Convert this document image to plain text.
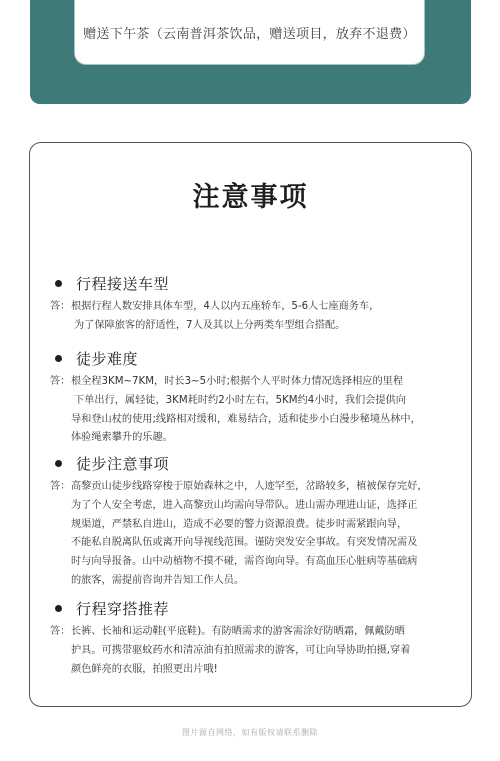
赠送下午茶（云南普洱茶饮品，赠送项目，放弃不退费）
注意事项
行程接送车型
答： 根据行程人数安排具体车型，4人以内五座轿车，5-6人七座商务车，
为了保障旅客的舒适性，7人及其以上分两类车型组合搭配。
徒步难度
答： 根全程3KM~7KM，时长3~5小时;根据个人平时体力情况选择相应的里程
下单出行，属轻徒，3KM耗时约2小时左右，5KM约4小时，我们会提供向
导和登山杖的使用;线路相对缓和，难易结合，适和徒步小白漫步秘境丛林中，
体验绳索攀升的乐趣。
徒步注意事项
答： 高黎贡山徒步线路穿梭于原始森林之中，人迹罕至，岔路较多，植被保存完好，
为了个人安全考虑，进入高黎贡山均需向导带队。进山需办理进山证，选择正
规渠道，严禁私自进山，造成不必要的警力资源浪费。徒步时需紧跟向导，
不能私自脱离队伍或离开向导视线范围。谨防突发安全事故。有突发情况需及
时与向导报备。山中动植物不摸不碰，需咨询向导。有高血压心脏病等基础病
的旅客，需提前咨询并告知工作人员。
行程穿搭推荐
答： 长裤、长袖和运动鞋(平底鞋)。有防晒需求的游客需涂好防晒霜，佩戴防晒
护具。可携带驱蚊药水和清凉油有拍照需求的游客，可让向导协助拍摄,穿着
颜色鲜亮的衣服，拍照更出片哦!
图片源自网络，如有版权请联系删除
